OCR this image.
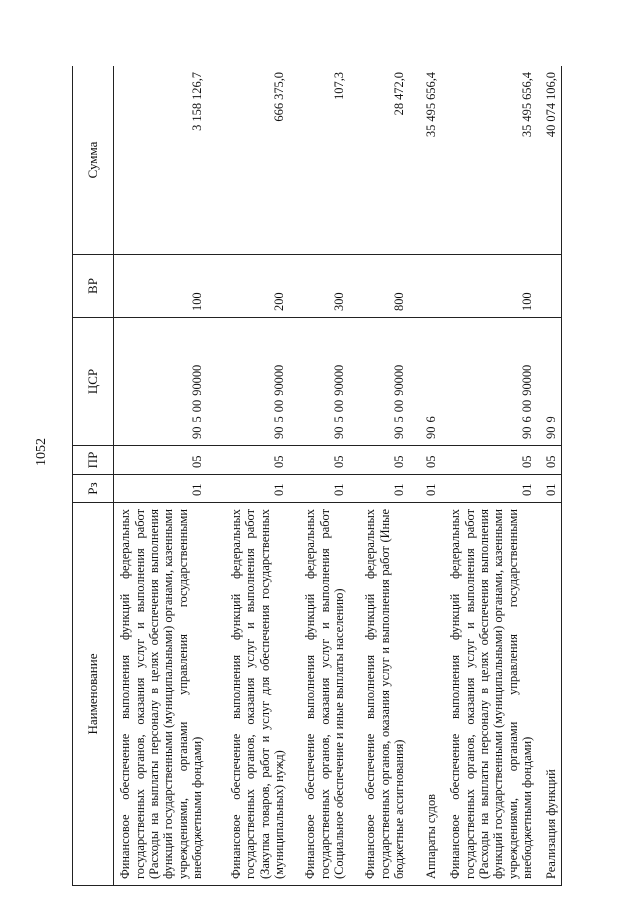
1052
Наименование	Рз	ПР	ЦСР	ВР	Сумма
Финансовое обеспечение выполнения функций федеральных государственных органов, оказания услуг и выполнения работ (Расходы на выплаты персоналу в целях обеспечения выполнения функций государственными (муниципальными) органами, казенными учреждениями, органами управления государственными внебюджетными фондами)	01	05	90 5 00 90000	100	3 158 126,7
Финансовое обеспечение выполнения функций федеральных государственных органов, оказания услуг и выполнения работ (Закупка товаров, работ и услуг для обеспечения государственных (муниципальных) нужд)	01	05	90 5 00 90000	200	666 375,0
Финансовое обеспечение выполнения функций федеральных государственных органов, оказания услуг и выполнения работ (Социальное обеспечение и иные выплаты населению)	01	05	90 5 00 90000	300	107,3
Финансовое обеспечение выполнения функций федеральных государственных органов, оказания услуг и выполнения работ (Иные бюджетные ассигнования)	01	05	90 5 00 90000	800	28 472,0
Аппараты судов	01	05	90 6		35 495 656,4
Финансовое обеспечение выполнения функций федеральных государственных органов, оказания услуг и выполнения работ (Расходы на выплаты персоналу в целях обеспечения выполнения функций государственными (муниципальными) органами, казенными учреждениями, органами управления государственными внебюджетными фондами)	01	05	90 6 00 90000	100	35 495 656,4
Реализация функций	01	05	90 9		40 074 106,0
